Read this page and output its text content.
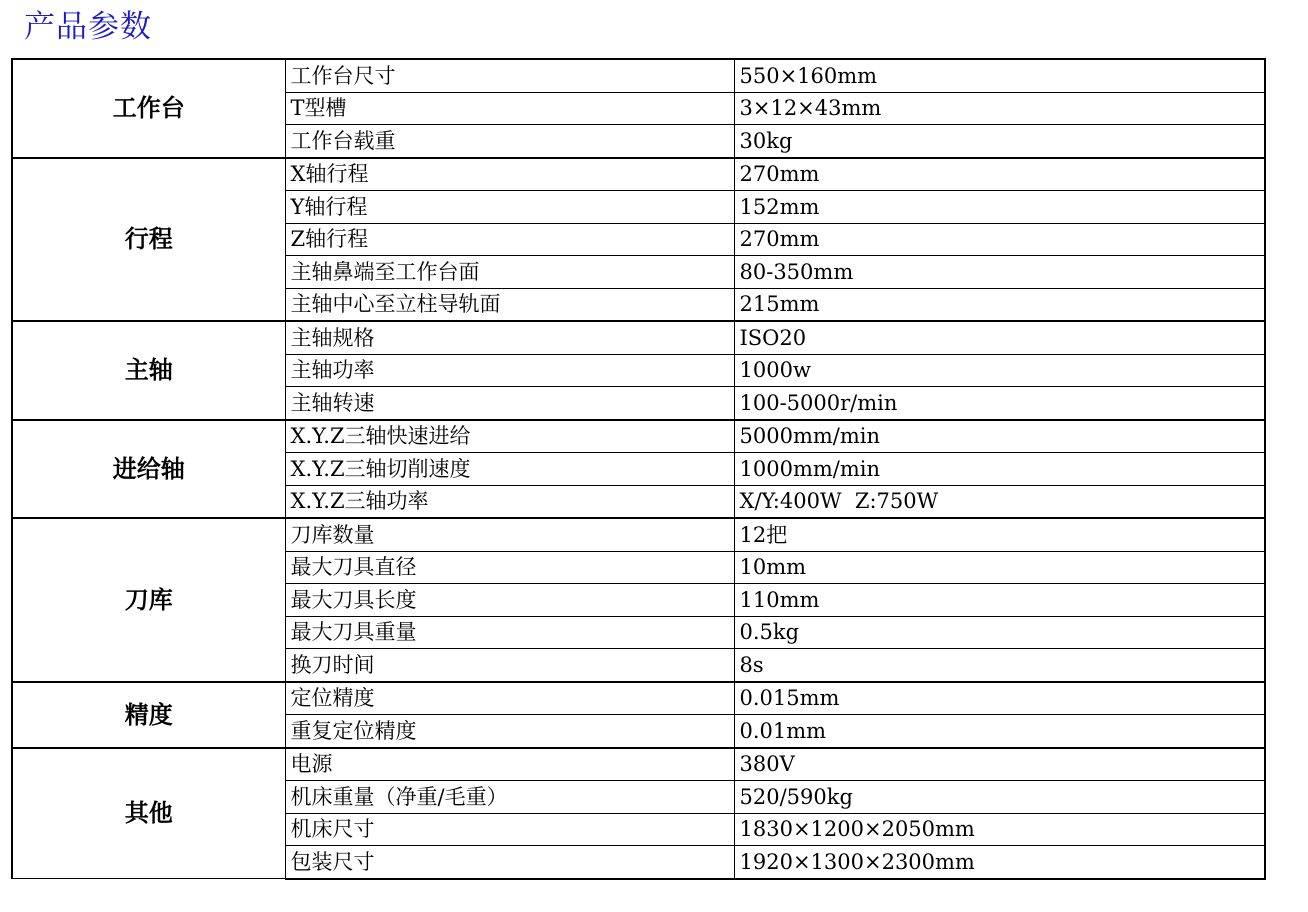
产品参数
工作台	工作台尺寸	550×160mm
	T型槽	3×12×43mm
	工作台载重	30kg
行程	X轴行程	270mm
	Y轴行程	152mm
	Z轴行程	270mm
	主轴鼻端至工作台面	80-350mm
	主轴中心至立柱导轨面	215mm
主轴	主轴规格	ISO20
	主轴功率	1000w
	主轴转速	100-5000r/min
进给轴	X.Y.Z三轴快速进给	5000mm/min
	X.Y.Z三轴切削速度	1000mm/min
	X.Y.Z三轴功率	X/Y:400W  Z:750W
刀库	刀库数量	12把
	最大刀具直径	10mm
	最大刀具长度	110mm
	最大刀具重量	0.5kg
	换刀时间	8s
精度	定位精度	0.015mm
	重复定位精度	0.01mm
其他	电源	380V
	机床重量（净重/毛重）	520/590kg
	机床尺寸	1830×1200×2050mm
	包装尺寸	1920×1300×2300mm
